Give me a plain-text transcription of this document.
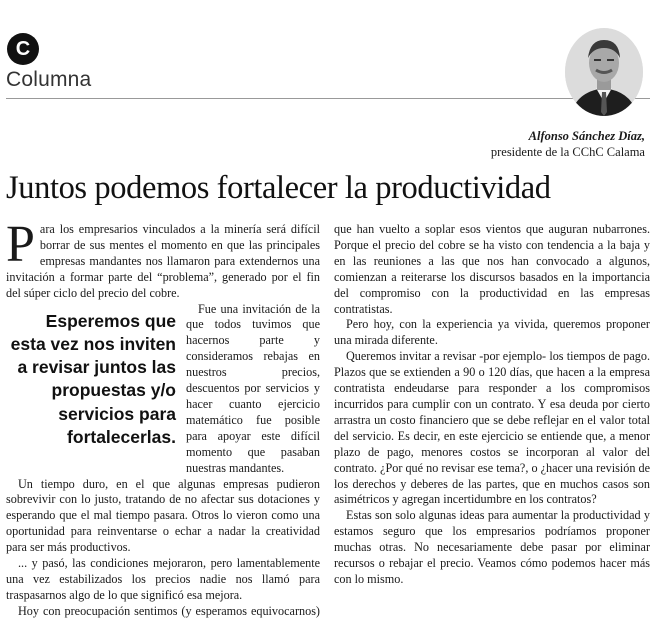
C
Columna
Alfonso Sánchez Díaz,
presidente de la CChC Calama
Juntos podemos fortalecer la productividad

Para los empresarios vinculados a la minería será difícil borrar de sus mentes el momento en que las principales empresas mandantes nos llamaron para extendernos una invitación a formar parte del “problema”, generado por el fin del súper ciclo del precio del cobre.

Esperemos que esta vez nos inviten a revisar juntos las propuestas y/o servicios para fortalecerlas.
Fue una invitación de la que todos tuvimos que hacernos parte y consideramos rebajas en nuestros precios, descuentos por servicios y hacer cuanto ejercicio matemático fue posible para apoyar este difícil momento que pasaban nuestras mandantes.

Un tiempo duro, en el que algunas empresas pudieron sobrevivir con lo justo, tratando de no afectar sus dotaciones y esperando que el mal tiempo pasara. Otros lo vieron como una oportunidad para reinventarse o echar a nadar la creatividad para ser más productivos.

... y pasó, las condiciones mejoraron, pero lamentablemente una vez estabilizados los precios nadie nos llamó para traspasarnos algo de lo que significó esa mejora.

Hoy con preocupación sentimos (y esperamos equivocarnos)

que han vuelto a soplar esos vientos que auguran nubarrones. Porque el precio del cobre se ha visto con tendencia a la baja y en las reuniones a las que nos han convocado a algunos, comienzan a reiterarse los discursos basados en la importancia del compromiso con la productividad en las empresas contratistas.

Pero hoy, con la experiencia ya vivida, queremos proponer una mirada diferente.

Queremos invitar a revisar -por ejemplo- los tiempos de pago. Plazos que se extienden a 90 o 120 días, que hacen a la empresa contratista endeudarse para responder a los compromisos incurridos para cumplir con un contrato. Y esa deuda por cierto arrastra un costo financiero que se debe reflejar en el valor total del servicio. Es decir, en este ejercicio se entiende que, a menor plazo de pago, menores costos se incorporan al valor del contrato. ¿Por qué no revisar ese tema?, o ¿hacer una revisión de los derechos y deberes de las partes, que en muchos casos son asimétricos y agregan incertidumbre en los contratos?

Estas son solo algunas ideas para aumentar la productividad y estamos seguro que los empresarios podríamos proponer muchas otras. No necesariamente debe pasar por eliminar recursos o rebajar el precio. Veamos cómo podemos hacer más con lo mismo.
